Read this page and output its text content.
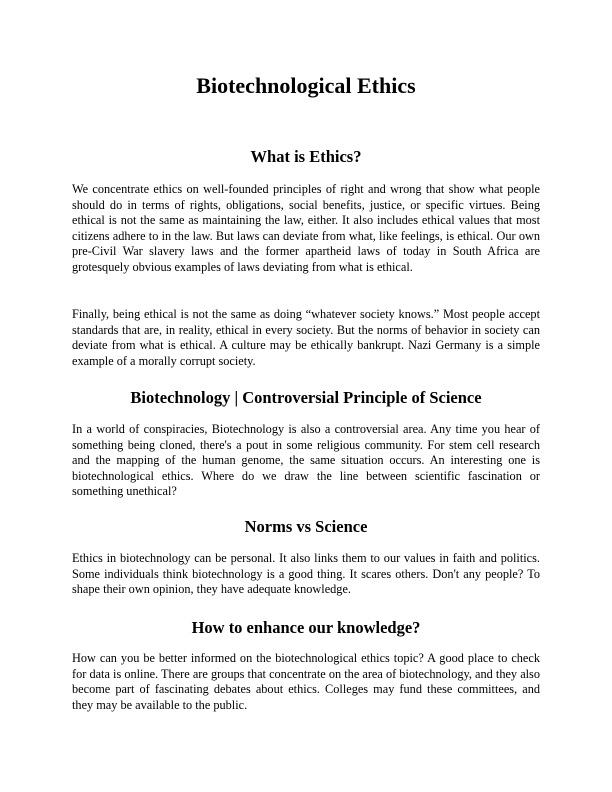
Biotechnological Ethics
What is Ethics?

We concentrate ethics on well-founded principles of right and wrong that show what people should do in terms of rights, obligations, social benefits, justice, or specific virtues. Being ethical is not the same as maintaining the law, either. It also includes ethical values that most citizens adhere to in the law. But laws can deviate from what, like feelings, is ethical. Our own pre-Civil War slavery laws and the former apartheid laws of today in South Africa are grotesquely obvious examples of laws deviating from what is ethical.

Finally, being ethical is not the same as doing “whatever society knows.” Most people accept standards that are, in reality, ethical in every society. But the norms of behavior in society can deviate from what is ethical. A culture may be ethically bankrupt. Nazi Germany is a simple example of a morally corrupt society.

Biotechnology | Controversial Principle of Science

In a world of conspiracies, Biotechnology is also a controversial area. Any time you hear of something being cloned, there's a pout in some religious community. For stem cell research and the mapping of the human genome, the same situation occurs. An interesting one is biotechnological ethics. Where do we draw the line between scientific fascination or something unethical?

Norms vs Science

Ethics in biotechnology can be personal. It also links them to our values in faith and politics. Some individuals think biotechnology is a good thing. It scares others. Don't any people? To shape their own opinion, they have adequate knowledge.

How to enhance our knowledge?

How can you be better informed on the biotechnological ethics topic? A good place to check for data is online. There are groups that concentrate on the area of biotechnology, and they also become part of fascinating debates about ethics. Colleges may fund these committees, and they may be available to the public.
